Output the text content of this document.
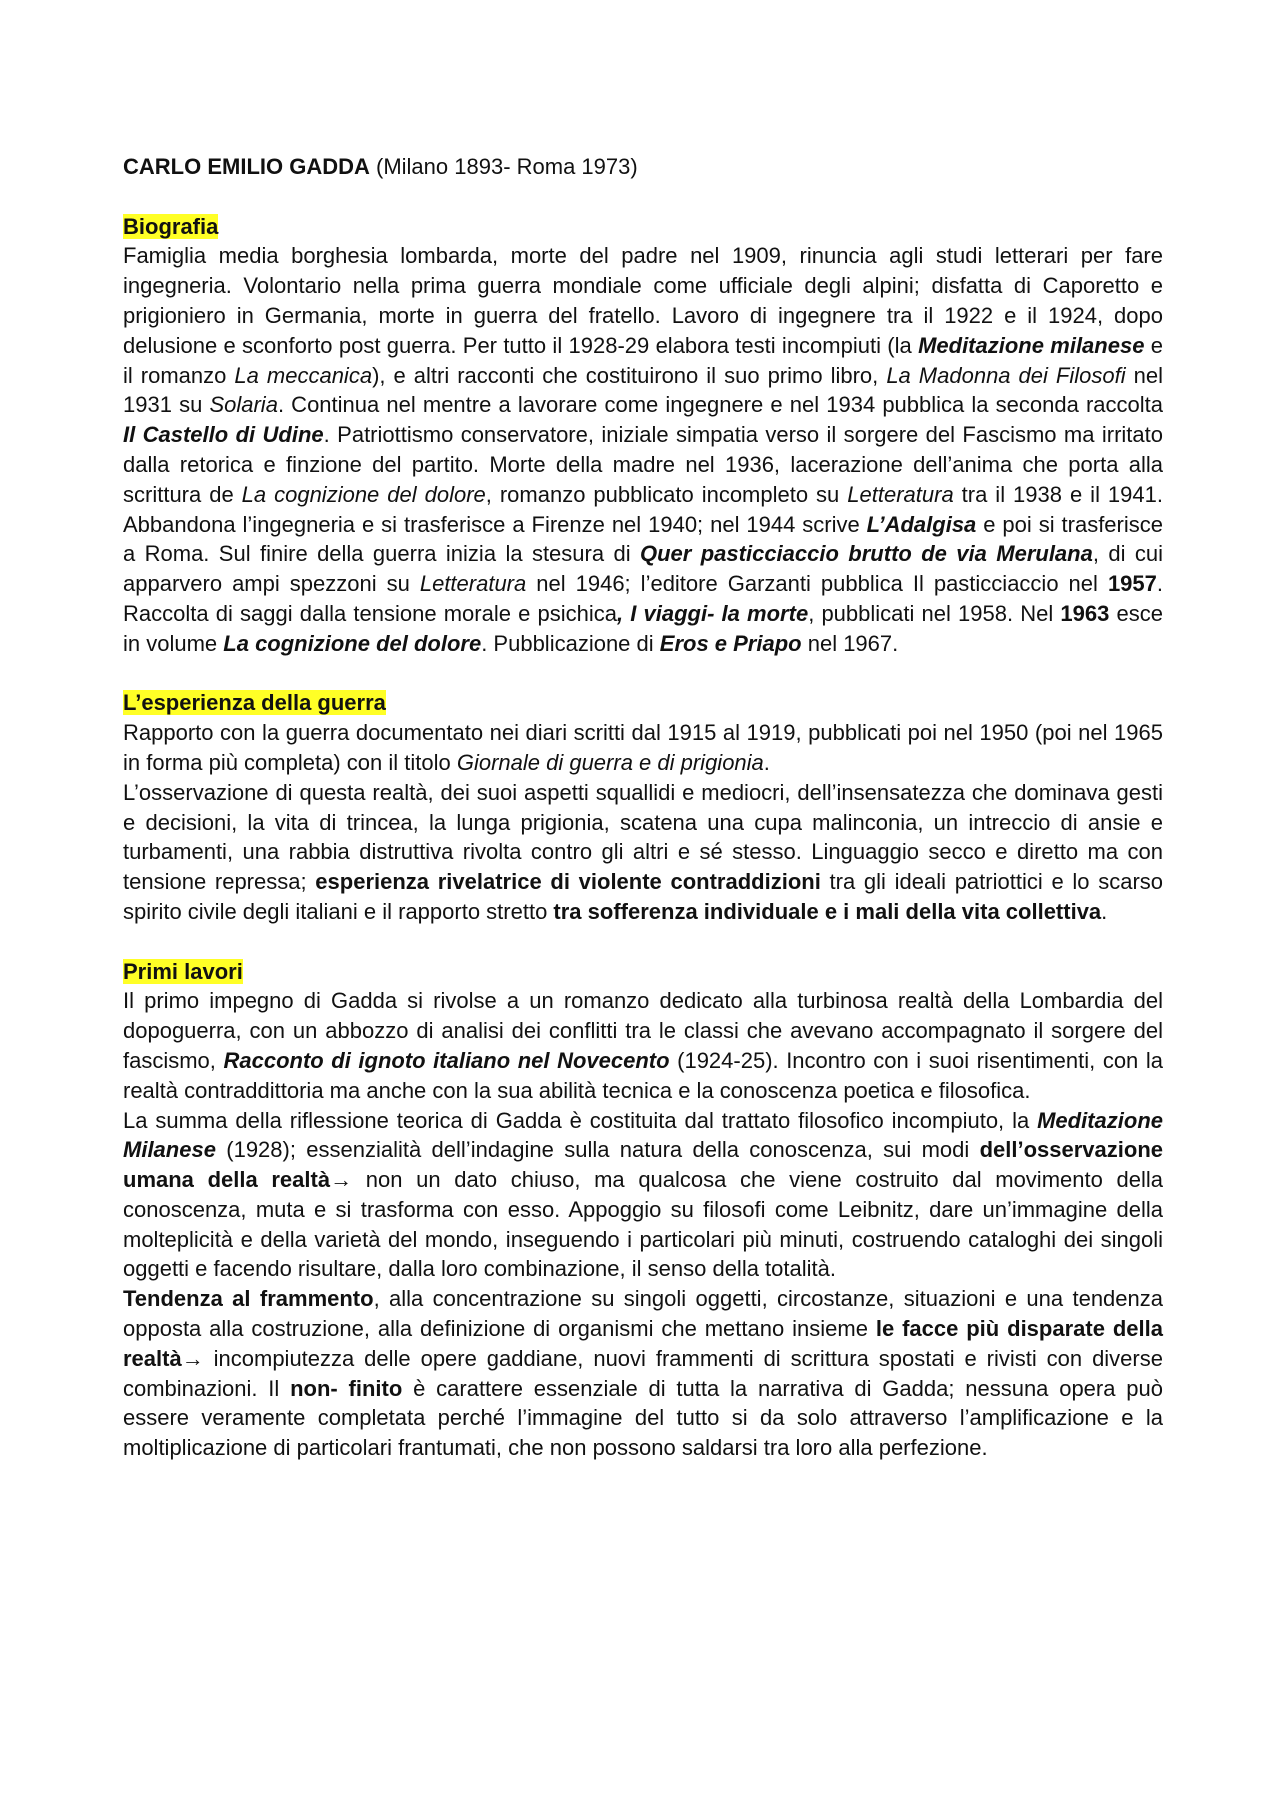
CARLO EMILIO GADDA (Milano 1893- Roma 1973)
Biografia

Famiglia media borghesia lombarda, morte del padre nel 1909, rinuncia agli studi letterari per fare ingegneria. Volontario nella prima guerra mondiale come ufficiale degli alpini; disfatta di Caporetto e prigioniero in Germania, morte in guerra del fratello. Lavoro di ingegnere tra il 1922 e il 1924, dopo delusione e sconforto post guerra. Per tutto il 1928-29 elabora testi incompiuti (la Meditazione milanese e il romanzo La meccanica), e altri racconti che costituirono il suo primo libro, La Madonna dei Filosofi nel 1931 su Solaria. Continua nel mentre a lavorare come ingegnere e nel 1934 pubblica la seconda raccolta Il Castello di Udine. Patriottismo conservatore, iniziale simpatia verso il sorgere del Fascismo ma irritato dalla retorica e finzione del partito. Morte della madre nel 1936, lacerazione dell’anima che porta alla scrittura de La cognizione del dolore, romanzo pubblicato incompleto su Letteratura tra il 1938 e il 1941. Abbandona l’ingegneria e si trasferisce a Firenze nel 1940; nel 1944 scrive L’Adalgisa e poi si trasferisce a Roma. Sul finire della guerra inizia la stesura di Quer pasticciaccio brutto de via Merulana, di cui apparvero ampi spezzoni su Letteratura nel 1946; l’editore Garzanti pubblica Il pasticciaccio nel 1957. Raccolta di saggi dalla tensione morale e psichica, I viaggi- la morte, pubblicati nel 1958. Nel 1963 esce in volume La cognizione del dolore. Pubblicazione di Eros e Priapo nel 1967.

L’esperienza della guerra

Rapporto con la guerra documentato nei diari scritti dal 1915 al 1919, pubblicati poi nel 1950 (poi nel 1965 in forma più completa) con il titolo Giornale di guerra e di prigionia.

L’osservazione di questa realtà, dei suoi aspetti squallidi e mediocri, dell’insensatezza che dominava gesti e decisioni, la vita di trincea, la lunga prigionia, scatena una cupa malinconia, un intreccio di ansie e turbamenti, una rabbia distruttiva rivolta contro gli altri e sé stesso. Linguaggio secco e diretto ma con tensione repressa; esperienza rivelatrice di violente contraddizioni tra gli ideali patriottici e lo scarso spirito civile degli italiani e il rapporto stretto tra sofferenza individuale e i mali della vita collettiva.

Primi lavori

Il primo impegno di Gadda si rivolse a un romanzo dedicato alla turbinosa realtà della Lombardia del dopoguerra, con un abbozzo di analisi dei conflitti tra le classi che avevano accompagnato il sorgere del fascismo, Racconto di ignoto italiano nel Novecento (1924-25). Incontro con i suoi risentimenti, con la realtà contraddittoria ma anche con la sua abilità tecnica e la conoscenza poetica e filosofica.

La summa della riflessione teorica di Gadda è costituita dal trattato filosofico incompiuto, la Meditazione Milanese (1928); essenzialità dell’indagine sulla natura della conoscenza, sui modi dell’osservazione umana della realtà→ non un dato chiuso, ma qualcosa che viene costruito dal movimento della conoscenza, muta e si trasforma con esso. Appoggio su filosofi come Leibnitz, dare un’immagine della molteplicità e della varietà del mondo, inseguendo i particolari più minuti, costruendo cataloghi dei singoli oggetti e facendo risultare, dalla loro combinazione, il senso della totalità.

Tendenza al frammento, alla concentrazione su singoli oggetti, circostanze, situazioni e una tendenza opposta alla costruzione, alla definizione di organismi che mettano insieme le facce più disparate della realtà→ incompiutezza delle opere gaddiane, nuovi frammenti di scrittura spostati e rivisti con diverse combinazioni. Il non- finito è carattere essenziale di tutta la narrativa di Gadda; nessuna opera può essere veramente completata perché l’immagine del tutto si da solo attraverso l’amplificazione e la moltiplicazione di particolari frantumati, che non possono saldarsi tra loro alla perfezione.
